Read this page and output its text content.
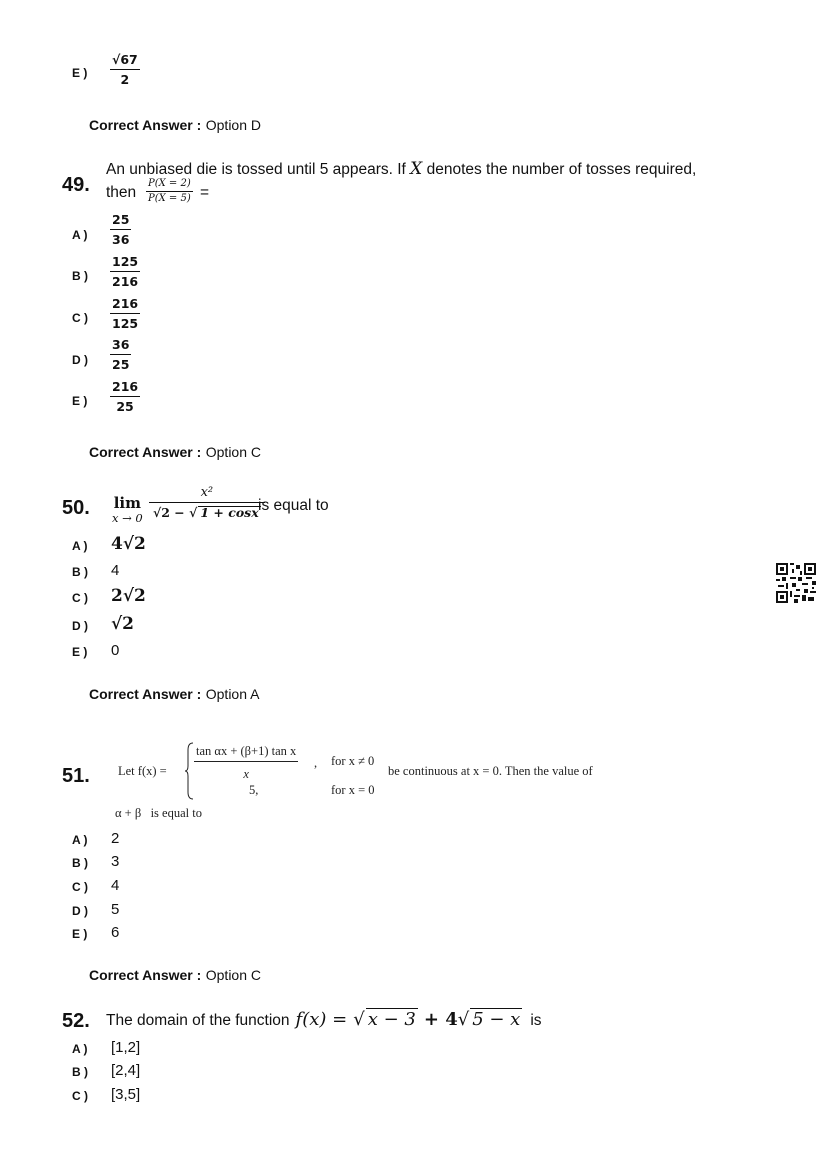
E ) $\frac{√67}{2}$
Correct Answer : Option D
49.
An unbiased die is tossed until 5 appears. If X denotes the number of tosses required,
then $\frac{P(X = 2)}{P(X = 5)}$ =
A ) $\frac{25}{36}$
B ) $\frac{125}{216}$
C ) $\frac{216}{125}$
D ) $\frac{36}{25}$
E ) $\frac{216}{25}$
Correct Answer : Option C
50. lim
x → 0
x²
√2 − √ 1 + cosx is equal to
A ) 4√2
B ) 4
C ) 2√2
D ) √2
E ) 0
Correct Answer : Option A
51. Let f(x) =
tan αx + (β+1) tan x
x
, for x ≠ 0
5,	for x = 0
be continuous at x = 0. Then the value of
α + β   is equal to
A ) 2
B ) 3
C ) 4
D ) 5
E ) 6
Correct Answer : Option C
52. The domain of the function f(x) = √ x − 3 + 4 √ 5 − x is
A ) [1,2]
B ) [2,4]
C ) [3,5]
